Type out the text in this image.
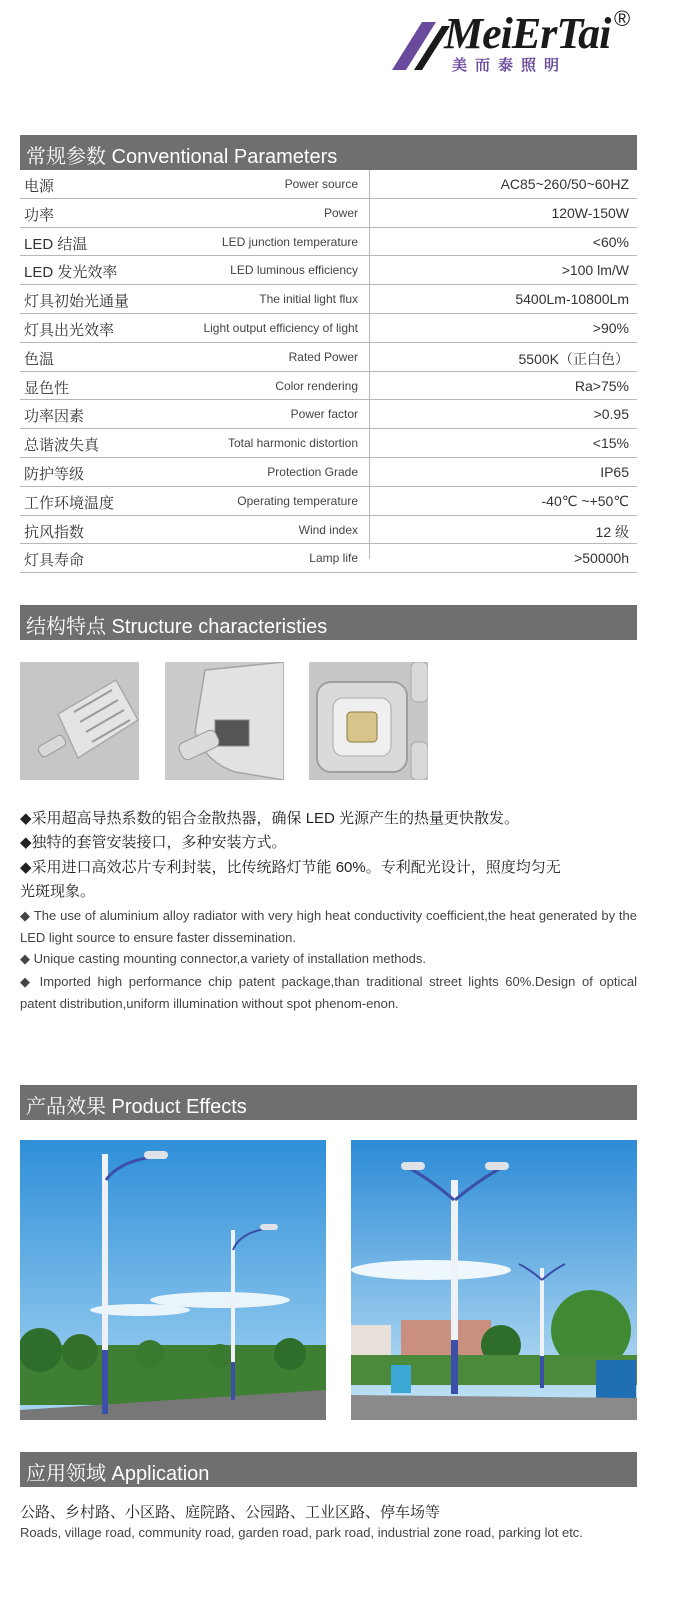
MeiErTai
美而泰照明
®
常规参数 Conventional Parameters
电源	Power source	AC85~260/50~60HZ
功率	Power	120W-150W
LED 结温	LED junction temperature	<60%
LED 发光效率	LED luminous efficiency	>100 lm/W
灯具初始光通量	The initial light flux	5400Lm-10800Lm
灯具出光效率	Light output efficiency of light	>90%
色温	Rated Power	5500K（正白色）
显色性	Color rendering	Ra>75%
功率因素	Power factor	>0.95
总谐波失真	Total harmonic distortion	<15%
防护等级	Protection Grade	IP65
工作环境温度	Operating temperature	-40℃ ~+50℃
抗风指数	Wind index	12 级
灯具寿命	Lamp life	>50000h
结构特点 Structure characteristies
◆采用超高导热系数的铝合金散热器，确保 LED 光源产生的热量更快散发。
◆独特的套管安装接口，多种安装方式。
◆采用进口高效芯片专利封装，比传统路灯节能 60%。专利配光设计，照度均匀无
光斑现象。
◆ The use of aluminium alloy radiator with very high heat conductivity coefficient,the heat generated by the LED light source to ensure faster dissemination.
◆ Unique casting mounting connector,a variety of installation methods.
◆ Imported high performance chip patent package,than traditional street lights 60%.Design of optical patent distribution,uniform illumination without spot phenom-enon.
产品效果 Product Effects
应用领域 Application
公路、乡村路、小区路、庭院路、公园路、工业区路、停车场等
Roads, village road, community road, garden road, park road, industrial zone road, parking lot etc.
